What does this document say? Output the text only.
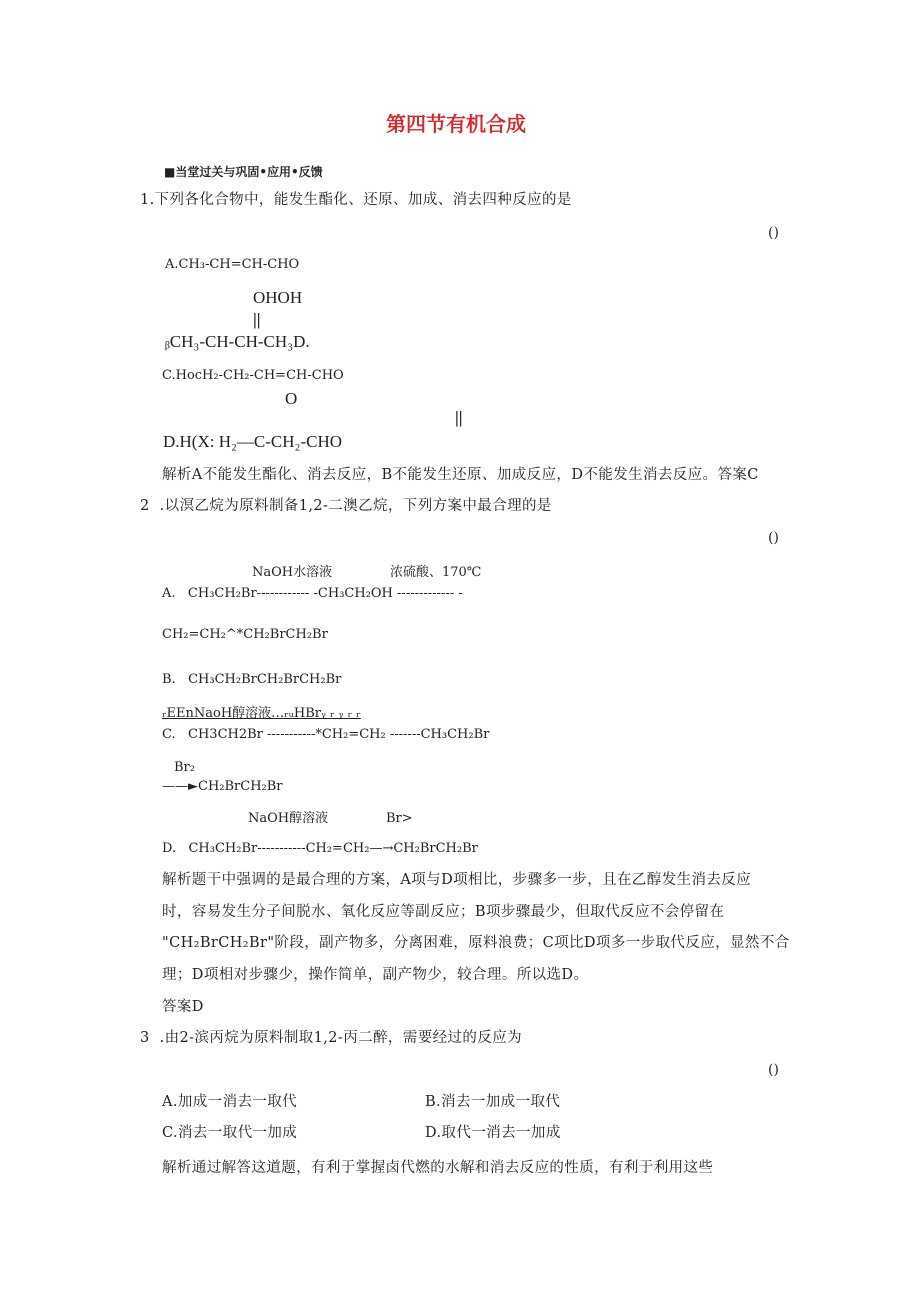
第四节有机合成
■当堂过关与巩固•应用•反馈
1.下列各化合物中，能发生酯化、还原、加成、消去四种反应的是
()
A.CH₃-CH=CH-CHO
OHOH
||
ᵦCH₃-CH-CH-CH₃D.
C.HocH₂-CH₂-CH=CH-CHO
O
||
D.H(X: H₂—C-CH₂-CHO
解析A不能发生酯化、消去反应，B不能发生还原、加成反应，D不能发生消去反应。答案C
2  .以溟乙烷为原料制备1,2-二澳乙烷，下列方案中最合理的是
()
NaOH水溶液              浓硫酸、170℃
A.   CH₃CH₂Br------------ -CH₃CH₂OH ------------- -
CH₂=CH₂^*CH₂BrCH₂Br
B.   CH₃CH₂BrCH₂BrCH₂Br
ᵣEEnNaoH醇溶液…ᵣᵤHBrᵧ ᵣ ᵧ ᵣ ᵣ
C.   CH3CH2Br -----------*CH₂=CH₂ -------CH₃CH₂Br
Br₂
——►CH₂BrCH₂Br
NaOH醇溶液              Br>
D.   CH₃CH₂Br-----------CH₂=CH₂—→CH₂BrCH₂Br
解析题干中强调的是最合理的方案，A项与D项相比，步骤多一步，且在乙醇发生消去反应
时，容易发生分子间脱水、氧化反应等副反应；B项步骤最少，但取代反应不会停留在
"CH₂BrCH₂Br"阶段，副产物多，分离困难，原料浪费；C项比D项多一步取代反应，显然不合
理；D项相对步骤少，操作简单，副产物少，较合理。所以选D。
答案D
3  .由2-滨丙烷为原料制取1,2-丙二醉，需要经过的反应为
()
A.加成一消去一取代	B.消去一加成一取代
C.消去一取代一加成	D.取代一消去一加成
解析通过解答这道题，有利于掌握卤代燃的水解和消去反应的性质，有利于利用这些
